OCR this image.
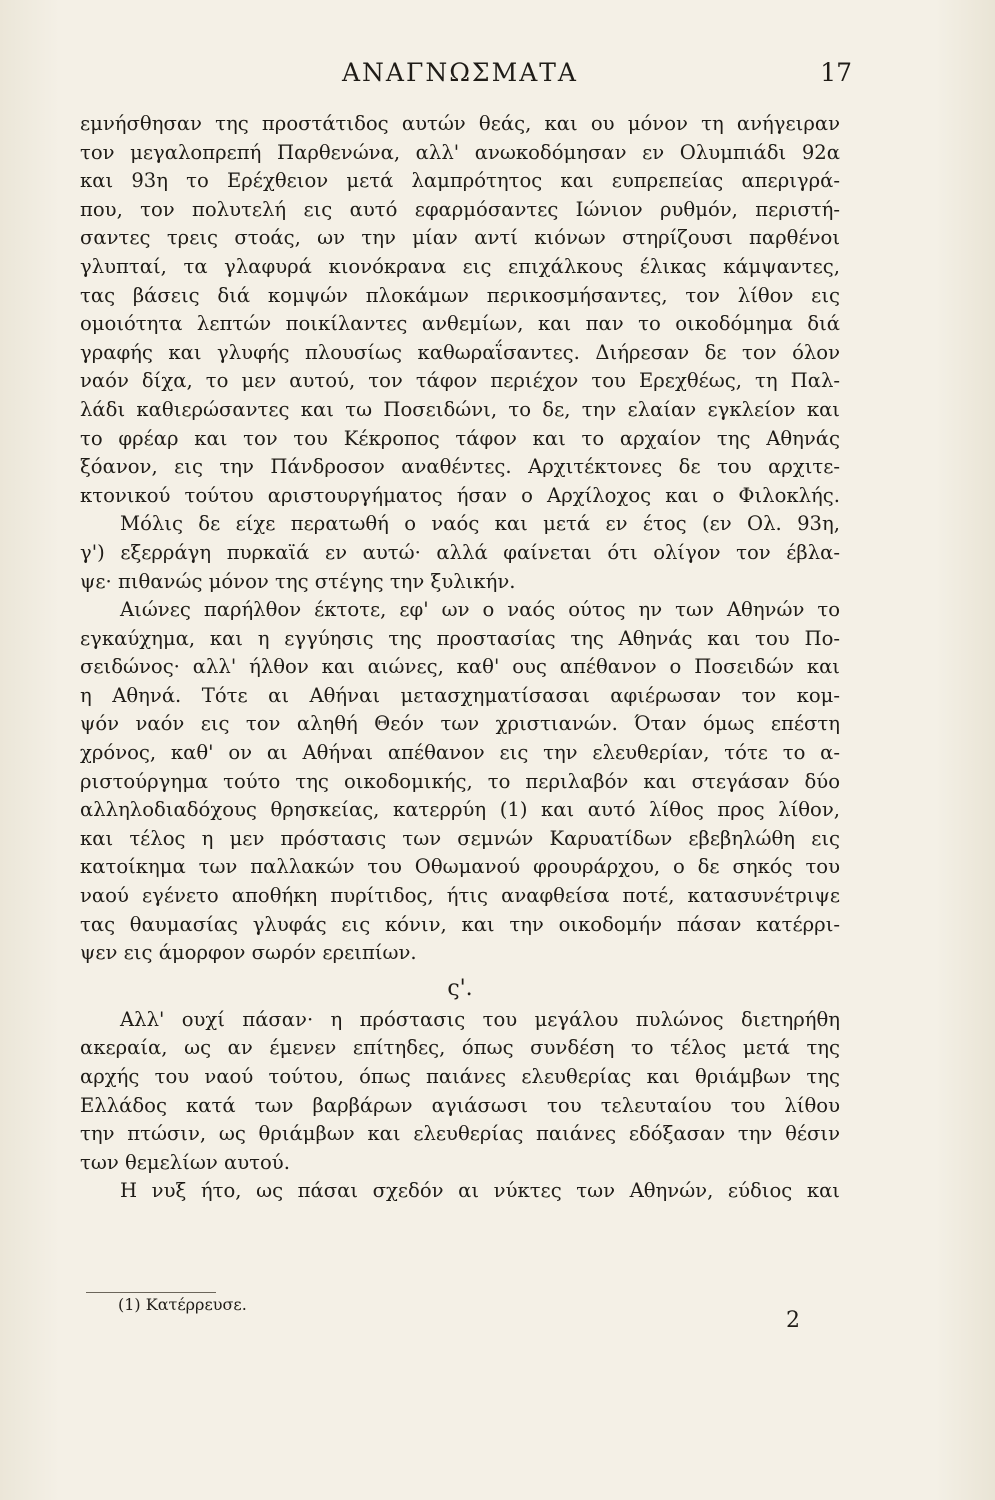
ΑΝΑΓΝΩΣΜΑΤΑ	17
εμνήσθησαν της προστάτιδος αυτών θεάς, και ου μόνον τη ανήγειραν
τον μεγαλοπρεπή Παρθενώνα, αλλ' ανωκοδόμησαν εν Ολυμπιάδι 92α
και 93η το Ερέχθειον μετά λαμπρότητος και ευπρεπείας απεριγρά-
που, τον πολυτελή εις αυτό εφαρμόσαντες Ιώνιον ρυθμόν, περιστή-
σαντες τρεις στοάς, ων την μίαν αντί κιόνων στηρίζουσι παρθένοι
γλυπταί, τα γλαφυρά κιονόκρανα εις επιχάλκους έλικας κάμψαντες,
τας βάσεις διά κομψών πλοκάμων περικοσμήσαντες, τον λίθον εις
ομοιότητα λεπτών ποικίλαντες ανθεμίων, και παν το οικοδόμημα διά
γραφής και γλυφής πλουσίως καθωραΐσαντες. Διήρεσαν δε τον όλον
ναόν δίχα, το μεν αυτού, τον τάφον περιέχον του Ερεχθέως, τη Παλ-
λάδι καθιερώσαντες και τω Ποσειδώνι, το δε, την ελαίαν εγκλείον και
το φρέαρ και τον του Κέκροπος τάφον και το αρχαίον της Αθηνάς
ξόανον, εις την Πάνδροσον αναθέντες. Αρχιτέκτονες δε του αρχιτε-
κτονικού τούτου αριστουργήματος ήσαν ο Αρχίλοχος και ο Φιλοκλής.
Μόλις δε είχε περατωθή ο ναός και μετά εν έτος (εν Ολ. 93η,
γ') εξερράγη πυρκαϊά εν αυτώ· αλλά φαίνεται ότι ολίγον τον έβλα-
ψε· πιθανώς μόνον της στέγης την ξυλικήν.
Αιώνες παρήλθον έκτοτε, εφ' ων ο ναός ούτος ην των Αθηνών το
εγκαύχημα, και η εγγύησις της προστασίας της Αθηνάς και του Πο-
σειδώνος· αλλ' ήλθον και αιώνες, καθ' ους απέθανον ο Ποσειδών και
η Αθηνά. Τότε αι Αθήναι μετασχηματίσασαι αφιέρωσαν τον κομ-
ψόν ναόν εις τον αληθή Θεόν των χριστιανών. Όταν όμως επέστη
χρόνος, καθ' ον αι Αθήναι απέθανον εις την ελευθερίαν, τότε το α-
ριστούργημα τούτο της οικοδομικής, το περιλαβόν και στεγάσαν δύο
αλληλοδιαδόχους θρησκείας, κατερρύη (1) και αυτό λίθος προς λίθον,
και τέλος η μεν πρόστασις των σεμνών Καρυατίδων εβεβηλώθη εις
κατοίκημα των παλλακών του Οθωμανού φρουράρχου, ο δε σηκός του
ναού εγένετο αποθήκη πυρίτιδος, ήτις αναφθείσα ποτέ, κατασυνέτριψε
τας θαυμασίας γλυφάς εις κόνιν, και την οικοδομήν πάσαν κατέρρι-
ψεν εις άμορφον σωρόν ερειπίων.
ς'.
Αλλ' ουχί πάσαν· η πρόστασις του μεγάλου πυλώνος διετηρήθη
ακεραία, ως αν έμενεν επίτηδες, όπως συνδέση το τέλος μετά της
αρχής του ναού τούτου, όπως παιάνες ελευθερίας και θριάμβων της
Ελλάδος κατά των βαρβάρων αγιάσωσι του τελευταίου του λίθου
την πτώσιν, ως θριάμβων και ελευθερίας παιάνες εδόξασαν την θέσιν
των θεμελίων αυτού.
Η νυξ ήτο, ως πάσαι σχεδόν αι νύκτες των Αθηνών, εύδιος και
(1) Κατέρρευσε.
2
